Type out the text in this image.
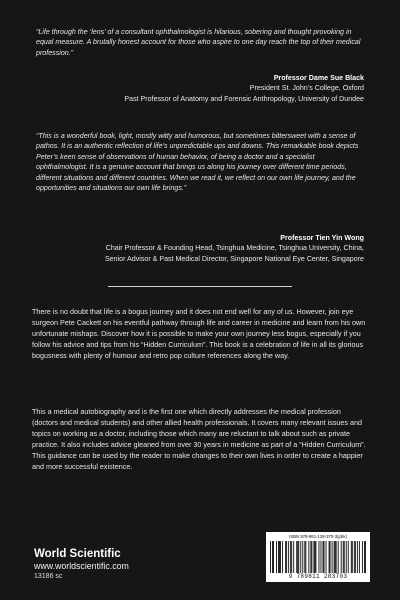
“Life through the ‘lens’ of a consultant ophthalmologist is hilarious, sobering and thought provoking in equal measure. A brutally honest account for those who aspire to one day reach the top of their medical profession.”

Professor Dame Sue Black
President St. John’s College, Oxford
Past Professor of Anatomy and Forensic Anthropology, University of Dundee

“This is a wonderful book, light, mostly witty and humorous, but sometimes bittersweet with a sense of pathos. It is an authentic reflection of life’s unpredictable ups and downs. This remarkable book depicts Peter’s keen sense of observations of human behavior, of being a doctor and a specialist ophthalmologist. It is a genuine account that brings us along his journey over different time periods, different situations and different countries. When we read it, we reflect on our own life journey, and the opportunities and situations our own life brings.”

Professor Tien Yin Wong
Chair Professor & Founding Head, Tsinghua Medicine, Tsinghua University, China,
Senior Advisor & Past Medical Director, Singapore National Eye Center, Singapore

There is no doubt that life is a bogus journey and it does not end well for any of us. However, join eye surgeon Pete Cackett on his eventful pathway through life and career in medicine and learn from his own unfortunate mishaps. Discover how it is possible to make your own journey less bogus, especially if you follow his advice and tips from his “Hidden Curriculum”. This book is a celebration of life in all its glorious bogusness with plenty of humour and retro pop culture references along the way.

This a medical autobiography and is the first one which directly addresses the medical profession (doctors and medical students) and other allied health professionals. It covers many relevant issues and topics on working as a doctor, including those which many are reluctant to talk about such as private practice. It also includes advice gleaned from over 30 years in medicine as part of a “Hidden Curriculum”. This guidance can be used by the reader to make changes to their own lives in order to create a happier and more successful existence.

World Scientific
www.worldscientific.com
13186 sc
ISBN 978-981-128-370-3(pbk)
9 789811 283703
